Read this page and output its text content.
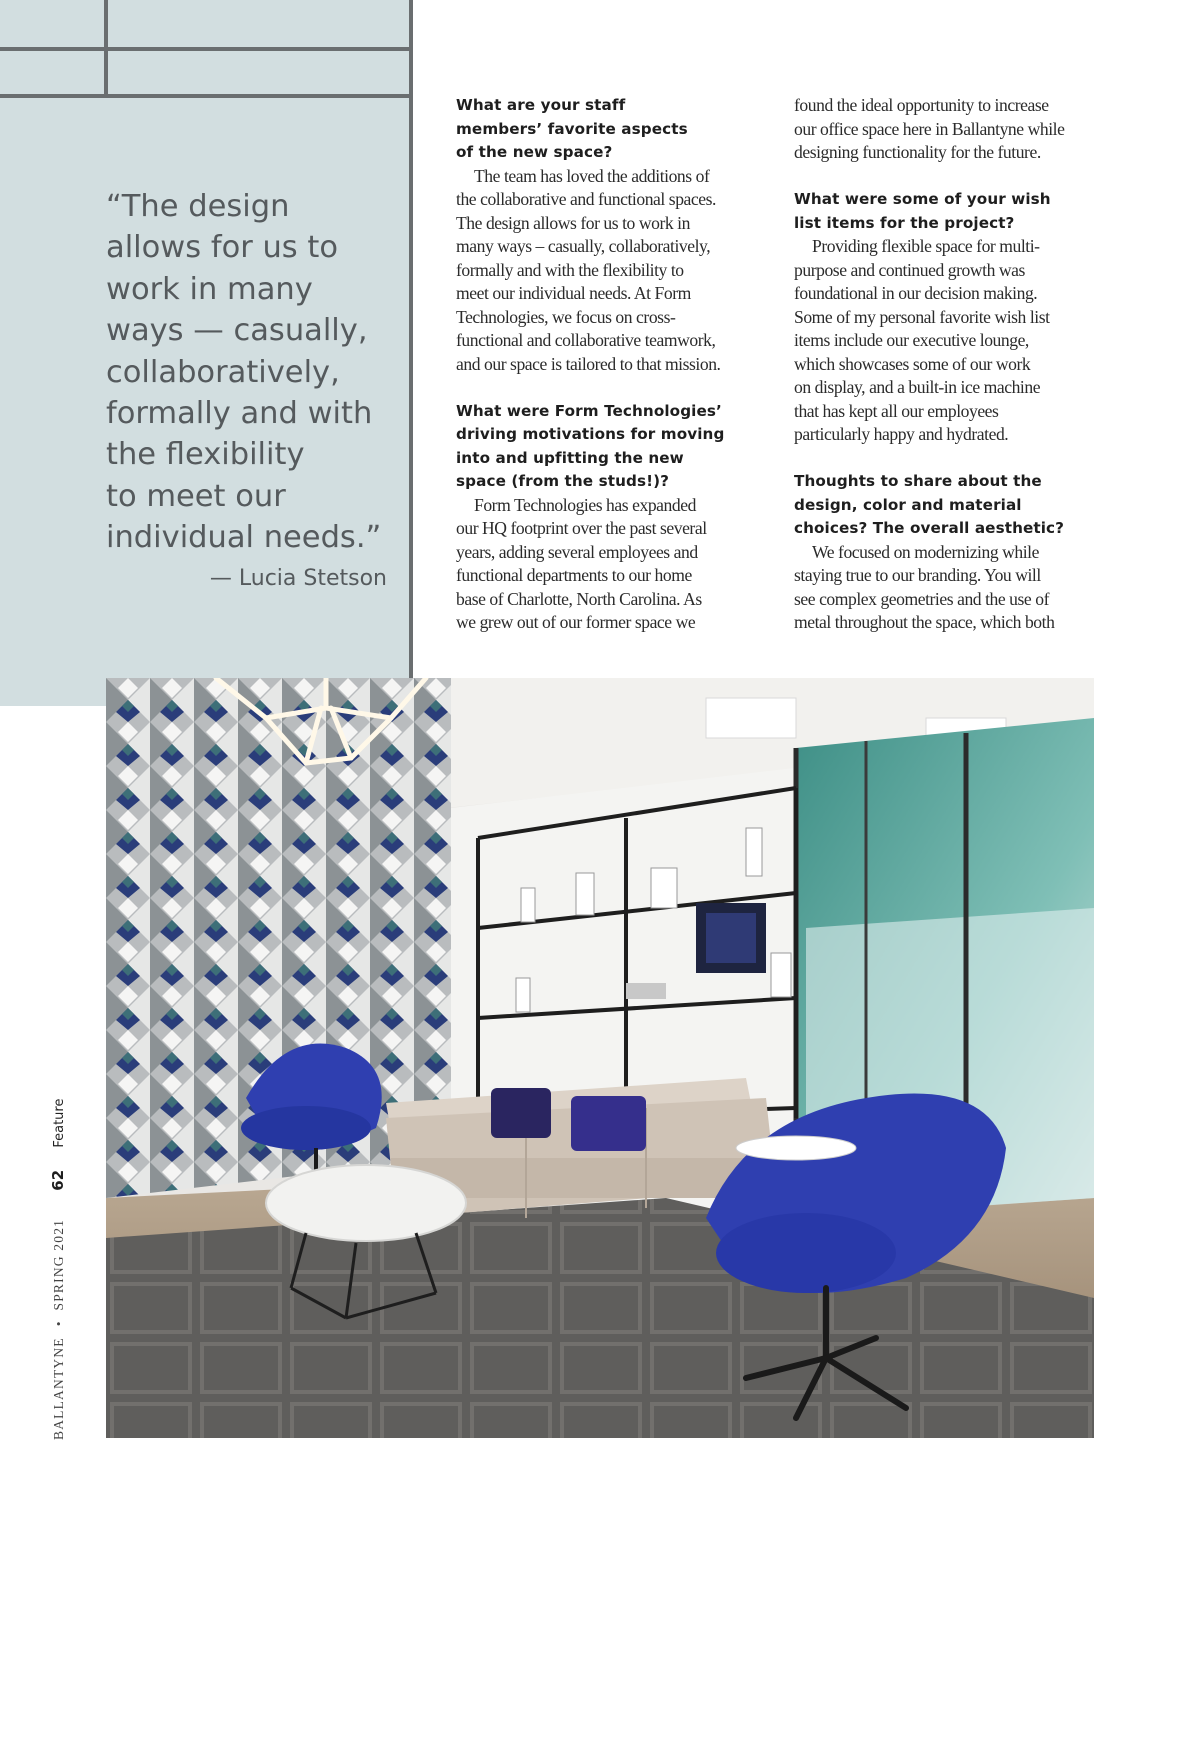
“The design
allows for us to
work in many
ways — casually,
collaboratively,
formally and with
the flexibility
to meet our
individual needs.”

— Lucia Stetson

What are your staff
members’ favorite aspects
of the new space?

The team has loved the additions of
the collaborative and functional spaces.
The design allows for us to work in
many ways – casually, collaboratively,
formally and with the flexibility to
meet our individual needs. At Form
Technologies, we focus on cross-
functional and collaborative teamwork,
and our space is tailored to that mission.

What were Form Technologies’
driving motivations for moving
into and upfitting the new
space (from the studs!)?

Form Technologies has expanded
our HQ footprint over the past several
years, adding several employees and
functional departments to our home
base of Charlotte, North Carolina. As
we grew out of our former space we

found the ideal opportunity to increase
our office space here in Ballantyne while
designing functionality for the future.

What were some of your wish
list items for the project?

Providing flexible space for multi-
purpose and continued growth was
foundational in our decision making.
Some of my personal favorite wish list
items include our executive lounge,
which showcases some of our work
on display, and a built-in ice machine
that has kept all our employees
particularly happy and hydrated.

Thoughts to share about the
design, color and material
choices? The overall aesthetic?

We focused on modernizing while
staying true to our branding. You will
see complex geometries and the use of
metal throughout the space, which both

BALLANTYNE • SPRING 2021  62  Feature
